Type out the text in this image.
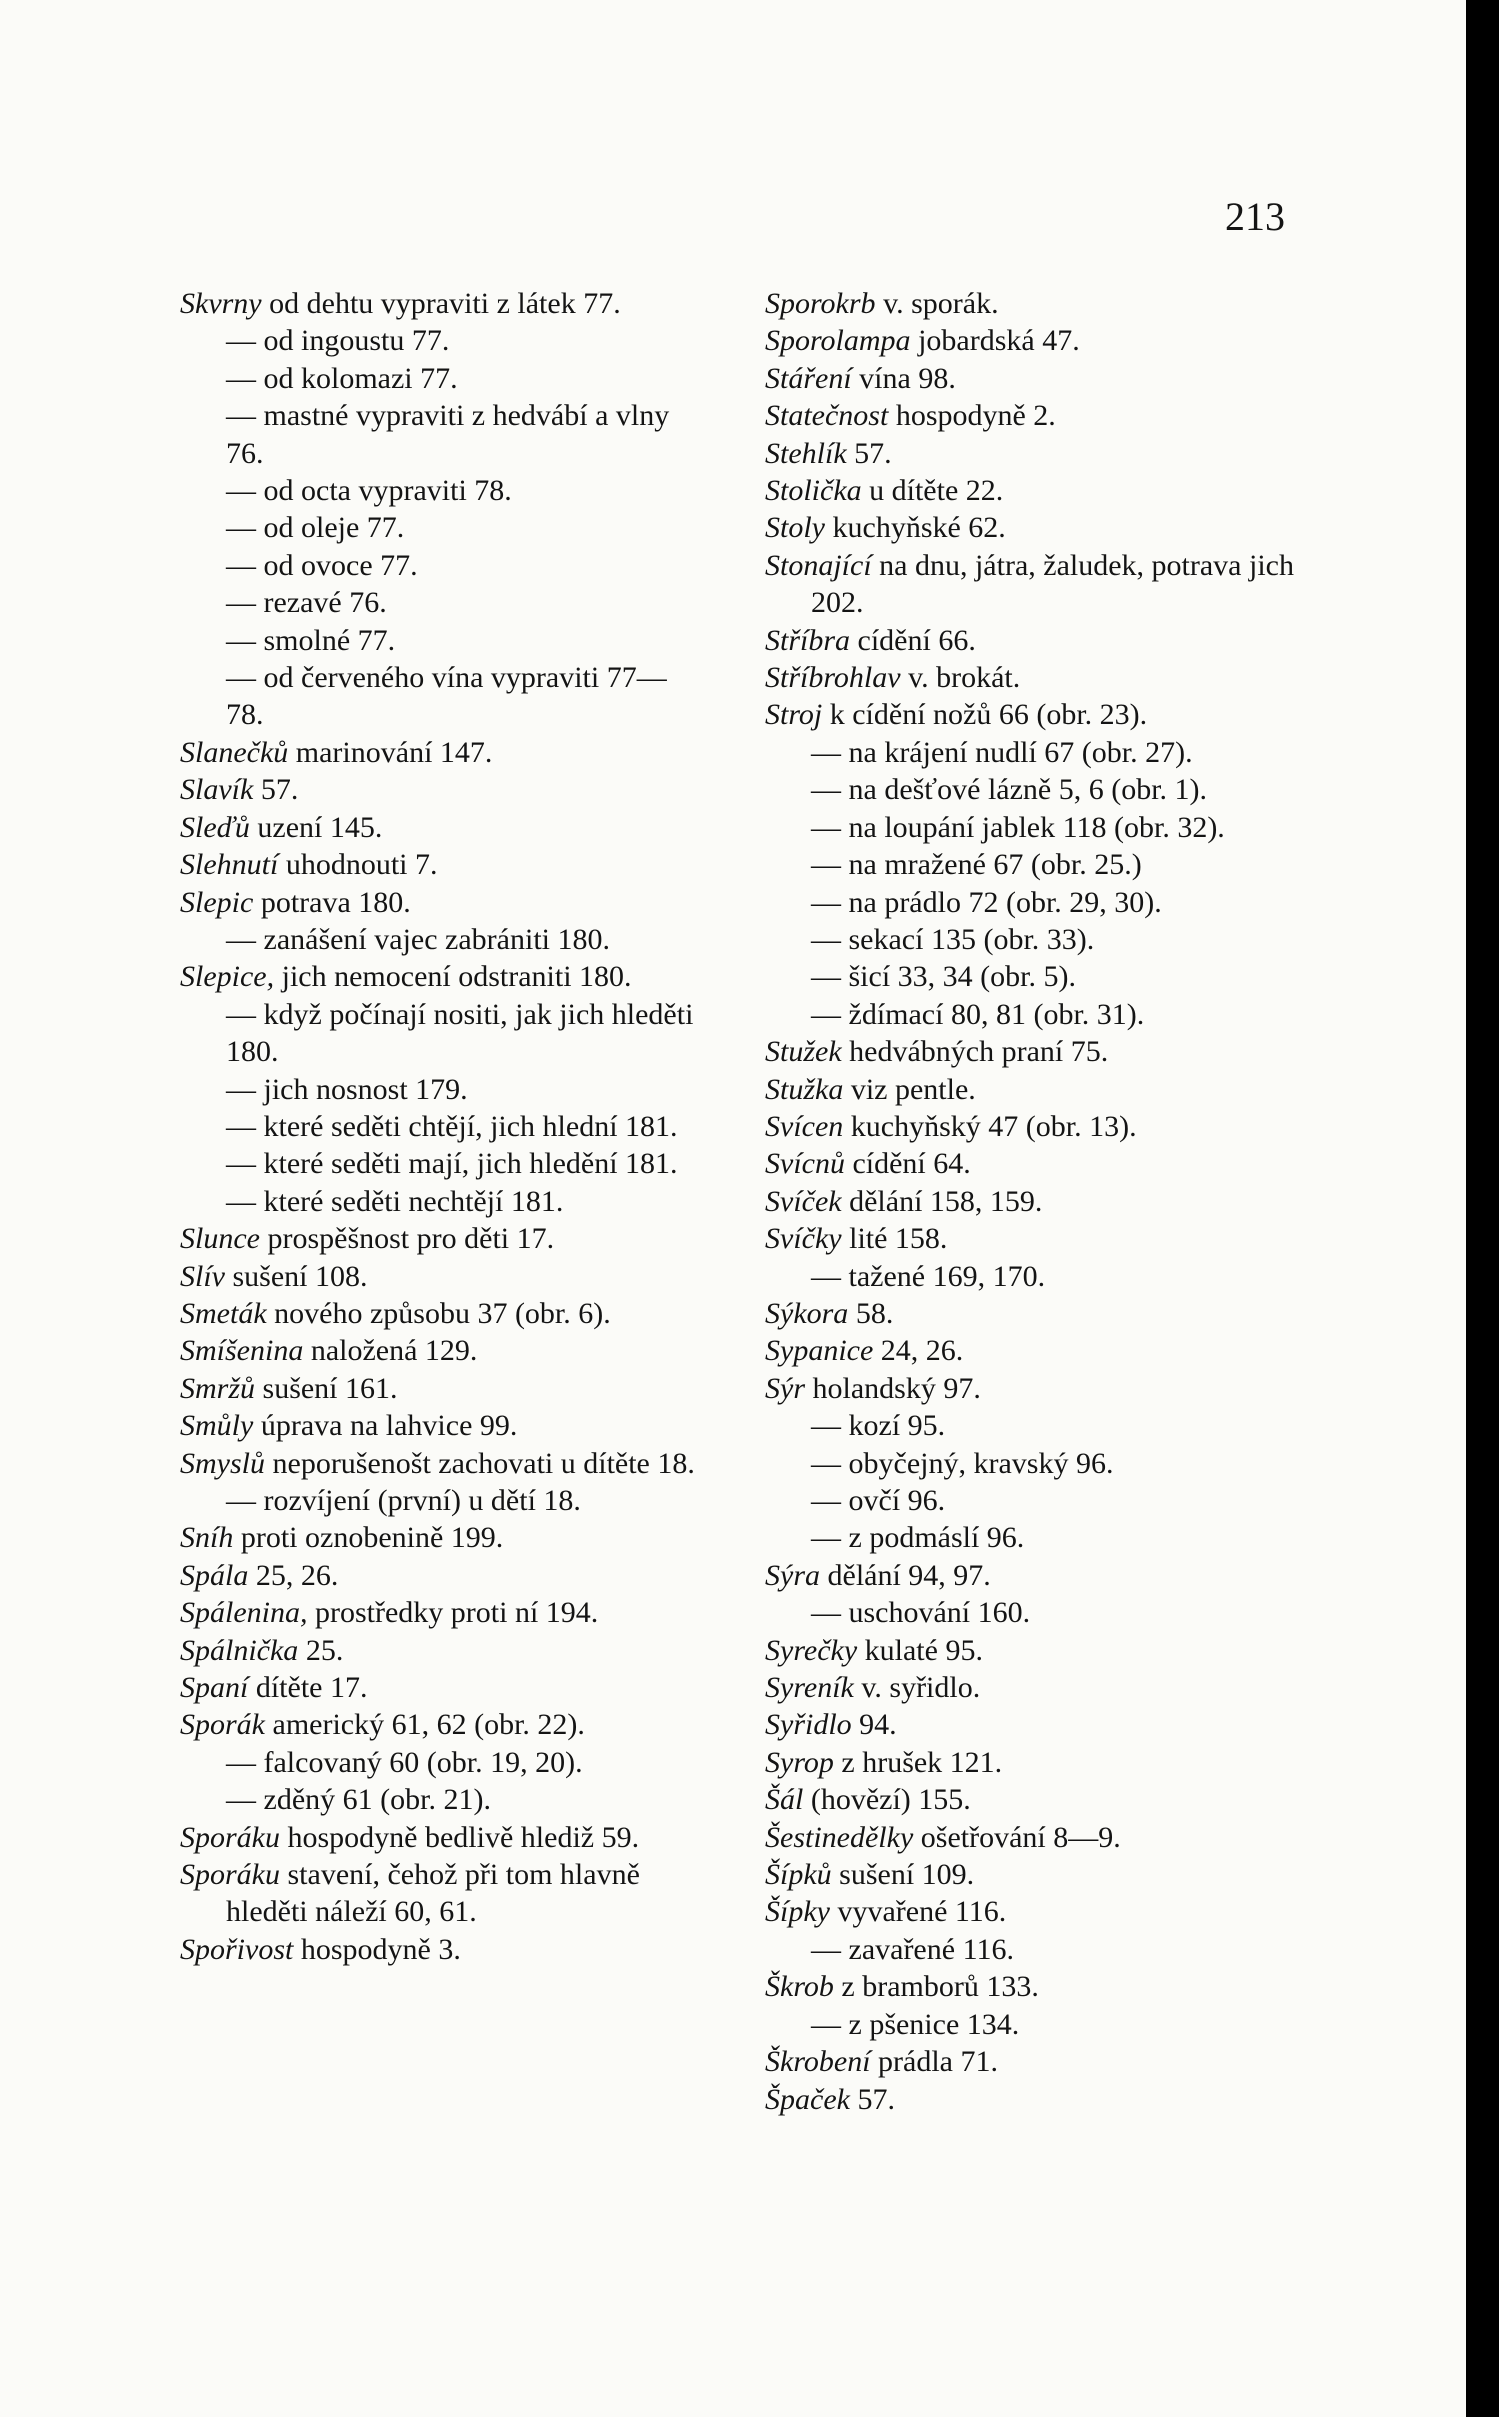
213
Skvrny od dehtu vypraviti z látek 77.
— od ingoustu 77.
— od kolomazi 77.
— mastné vypraviti z hedvábí a vlny 76.
— od octa vypraviti 78.
— od oleje 77.
— od ovoce 77.
— rezavé 76.
— smolné 77.
— od červeného vína vypraviti 77—78.
Slanečků marinování 147.
Slavík 57.
Sleďů uzení 145.
Slehnutí uhodnouti 7.
Slepic potrava 180.
— zanášení vajec zabrániti 180.
Slepice, jich nemocení odstraniti 180.
— když počínají nositi, jak jich hleděti 180.
— jich nosnost 179.
— které seděti chtějí, jich hlední 181.
— které seděti mají, jich hledění 181.
— které seděti nechtějí 181.
Slunce prospěšnost pro děti 17.
Slív sušení 108.
Smeták nového způsobu 37 (obr. 6).
Smíšenina naložená 129.
Smržů sušení 161.
Smůly úprava na lahvice 99.
Smyslů neporušenošt zachovati u dítěte 18.
— rozvíjení (první) u dětí 18.
Sníh proti oznobenině 199.
Spála 25, 26.
Spálenina, prostředky proti ní 194.
Spálnička 25.
Spaní dítěte 17.
Sporák americký 61, 62 (obr. 22).
— falcovaný 60 (obr. 19, 20).
— zděný 61 (obr. 21).
Sporáku hospodyně bedlivě hlediž 59.
Sporáku stavení, čehož při tom hlavně hleděti náleží 60, 61.
Spořivost hospodyně 3.
Sporokrb v. sporák.
Sporolampa jobardská 47.
Stáření vína 98.
Statečnost hospodyně 2.
Stehlík 57.
Stolička u dítěte 22.
Stoly kuchyňské 62.
Stonající na dnu, játra, žaludek, potrava jich 202.
Stříbra cídění 66.
Stříbrohlav v. brokát.
Stroj k cídění nožů 66 (obr. 23).
— na krájení nudlí 67 (obr. 27).
— na dešťové lázně 5, 6 (obr. 1).
— na loupání jablek 118 (obr. 32).
— na mražené 67 (obr. 25.)
— na prádlo 72 (obr. 29, 30).
— sekací 135 (obr. 33).
— šicí 33, 34 (obr. 5).
— ždímací 80, 81 (obr. 31).
Stužek hedvábných praní 75.
Stužka viz pentle.
Svícen kuchyňský 47 (obr. 13).
Svícnů cídění 64.
Svíček dělání 158, 159.
Svíčky lité 158.
— tažené 169, 170.
Sýkora 58.
Sypanice 24, 26.
Sýr holandský 97.
— kozí 95.
— obyčejný, kravský 96.
— ovčí 96.
— z podmáslí 96.
Sýra dělání 94, 97.
— uschování 160.
Syrečky kulaté 95.
Syreník v. syřidlo.
Syřidlo 94.
Syrop z hrušek 121.
Šál (hovězí) 155.
Šestinedělky ošetřování 8—9.
Šípků sušení 109.
Šípky vyvařené 116.
— zavařené 116.
Škrob z bramborů 133.
— z pšenice 134.
Škrobení prádla 71.
Špaček 57.
